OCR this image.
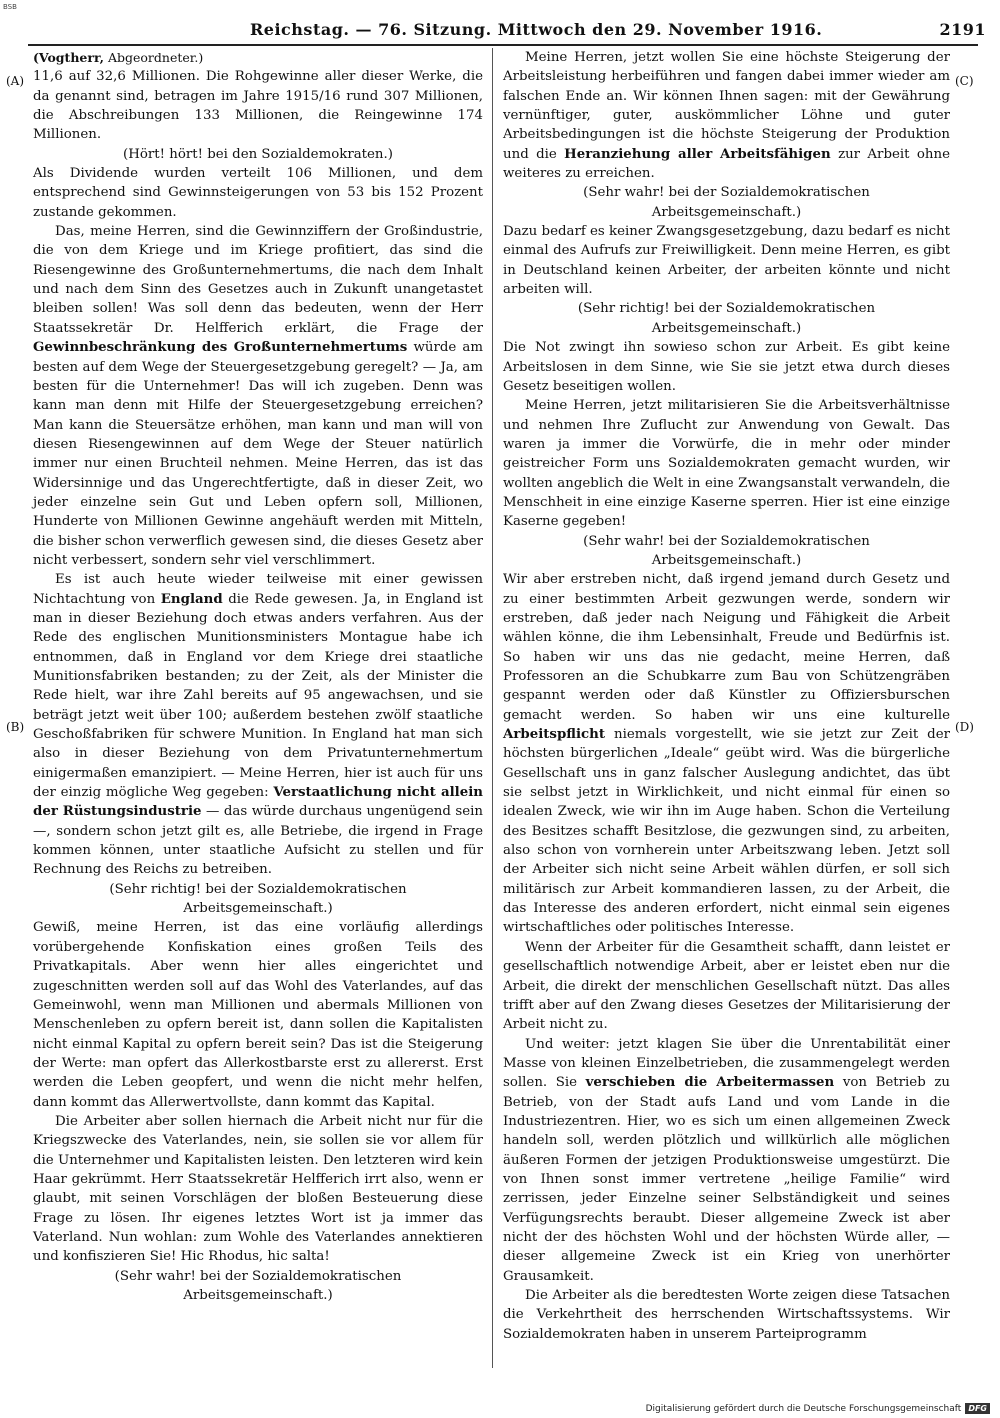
BSB
Reichstag. — 76. Sitzung. Mittwoch den 29. November 1916.	2191
(A)
(B)
(C)
(D)

(Vogtherr, Abgeordneter.)

11,6 auf 32,6 Millionen. Die Rohgewinne aller dieser Werke, die da genannt sind, betragen im Jahre 1915/16 rund 307 Millionen, die Abschreibungen 133 Millionen, die Reingewinne 174 Millionen.

(Hört! hört! bei den Sozialdemokraten.)

Als Dividende wurden verteilt 106 Millionen, und dem entsprechend sind Gewinnsteigerungen von 53 bis 152 Prozent zustande gekommen.

Das, meine Herren, sind die Gewinnziffern der Großindustrie, die von dem Kriege und im Kriege profitiert, das sind die Riesengewinne des Großunternehmertums, die nach dem Inhalt und nach dem Sinn des Gesetzes auch in Zukunft unangetastet bleiben sollen! Was soll denn das bedeuten, wenn der Herr Staatssekretär Dr. Helfferich erklärt, die Frage der Gewinnbeschränkung des Großunternehmertums würde am besten auf dem Wege der Steuergesetzgebung geregelt? — Ja, am besten für die Unternehmer! Das will ich zugeben. Denn was kann man denn mit Hilfe der Steuergesetzgebung erreichen? Man kann die Steuersätze erhöhen, man kann und man will von diesen Riesengewinnen auf dem Wege der Steuer natürlich immer nur einen Bruchteil nehmen. Meine Herren, das ist das Widersinnige und das Ungerechtfertigte, daß in dieser Zeit, wo jeder einzelne sein Gut und Leben opfern soll, Millionen, Hunderte von Millionen Gewinne angehäuft werden mit Mitteln, die bisher schon verwerflich gewesen sind, die dieses Gesetz aber nicht verbessert, sondern sehr viel verschlimmert.

Es ist auch heute wieder teilweise mit einer gewissen Nichtachtung von England die Rede gewesen. Ja, in England ist man in dieser Beziehung doch etwas anders verfahren. Aus der Rede des englischen Munitionsministers Montague habe ich entnommen, daß in England vor dem Kriege drei staatliche Munitionsfabriken bestanden; zu der Zeit, als der Minister die Rede hielt, war ihre Zahl bereits auf 95 angewachsen, und sie beträgt jetzt weit über 100; außerdem bestehen zwölf staatliche Geschoßfabriken für schwere Munition. In England hat man sich also in dieser Beziehung von dem Privatunternehmertum einigermaßen emanzipiert. — Meine Herren, hier ist auch für uns der einzig mögliche Weg gegeben: Verstaatlichung nicht allein der Rüstungsindustrie — das würde durchaus ungenügend sein —, sondern schon jetzt gilt es, alle Betriebe, die irgend in Frage kommen können, unter staatliche Aufsicht zu stellen und für Rechnung des Reichs zu betreiben.

(Sehr richtig! bei der Sozialdemokratischen Arbeitsgemeinschaft.)

Gewiß, meine Herren, ist das eine vorläufig allerdings vorübergehende Konfiskation eines großen Teils des Privatkapitals. Aber wenn hier alles eingerichtet und zugeschnitten werden soll auf das Wohl des Vaterlandes, auf das Gemeinwohl, wenn man Millionen und abermals Millionen von Menschenleben zu opfern bereit ist, dann sollen die Kapitalisten nicht einmal Kapital zu opfern bereit sein? Das ist die Steigerung der Werte: man opfert das Allerkostbarste erst zu allererst. Erst werden die Leben geopfert, und wenn die nicht mehr helfen, dann kommt das Allerwertvollste, dann kommt das Kapital.

Die Arbeiter aber sollen hiernach die Arbeit nicht nur für die Kriegszwecke des Vaterlandes, nein, sie sollen sie vor allem für die Unternehmer und Kapitalisten leisten. Den letzteren wird kein Haar gekrümmt. Herr Staatssekretär Helfferich irrt also, wenn er glaubt, mit seinen Vorschlägen der bloßen Besteuerung diese Frage zu lösen. Ihr eigenes letztes Wort ist ja immer das Vaterland. Nun wohlan: zum Wohle des Vaterlandes annektieren und konfiszieren Sie! Hic Rhodus, hic salta!

(Sehr wahr! bei der Sozialdemokratischen Arbeitsgemeinschaft.)

Meine Herren, jetzt wollen Sie eine höchste Steigerung der Arbeitsleistung herbeiführen und fangen dabei immer wieder am falschen Ende an. Wir können Ihnen sagen: mit der Gewährung vernünftiger, guter, auskömmlicher Löhne und guter Arbeitsbedingungen ist die höchste Steigerung der Produktion und die Heranziehung aller Arbeitsfähigen zur Arbeit ohne weiteres zu erreichen.

(Sehr wahr! bei der Sozialdemokratischen Arbeitsgemeinschaft.)

Dazu bedarf es keiner Zwangsgesetzgebung, dazu bedarf es nicht einmal des Aufrufs zur Freiwilligkeit. Denn meine Herren, es gibt in Deutschland keinen Arbeiter, der arbeiten könnte und nicht arbeiten will.

(Sehr richtig! bei der Sozialdemokratischen Arbeitsgemeinschaft.)

Die Not zwingt ihn sowieso schon zur Arbeit. Es gibt keine Arbeitslosen in dem Sinne, wie Sie sie jetzt etwa durch dieses Gesetz beseitigen wollen.

Meine Herren, jetzt militarisieren Sie die Arbeitsverhältnisse und nehmen Ihre Zuflucht zur Anwendung von Gewalt. Das waren ja immer die Vorwürfe, die in mehr oder minder geistreicher Form uns Sozialdemokraten gemacht wurden, wir wollten angeblich die Welt in eine Zwangsanstalt verwandeln, die Menschheit in eine einzige Kaserne sperren. Hier ist eine einzige Kaserne gegeben!

(Sehr wahr! bei der Sozialdemokratischen Arbeitsgemeinschaft.)

Wir aber erstreben nicht, daß irgend jemand durch Gesetz und zu einer bestimmten Arbeit gezwungen werde, sondern wir erstreben, daß jeder nach Neigung und Fähigkeit die Arbeit wählen könne, die ihm Lebensinhalt, Freude und Bedürfnis ist. So haben wir uns das nie gedacht, meine Herren, daß Professoren an die Schubkarre zum Bau von Schützengräben gespannt werden oder daß Künstler zu Offiziersburschen gemacht werden. So haben wir uns eine kulturelle Arbeitspflicht niemals vorgestellt, wie sie jetzt zur Zeit der höchsten bürgerlichen „Ideale“ geübt wird. Was die bürgerliche Gesellschaft uns in ganz falscher Auslegung andichtet, das übt sie selbst jetzt in Wirklichkeit, und nicht einmal für einen so idealen Zweck, wie wir ihn im Auge haben. Schon die Verteilung des Besitzes schafft Besitzlose, die gezwungen sind, zu arbeiten, also schon von vornherein unter Arbeitszwang leben. Jetzt soll der Arbeiter sich nicht seine Arbeit wählen dürfen, er soll sich militärisch zur Arbeit kommandieren lassen, zu der Arbeit, die das Interesse des anderen erfordert, nicht einmal sein eigenes wirtschaftliches oder politisches Interesse.

Wenn der Arbeiter für die Gesamtheit schafft, dann leistet er gesellschaftlich notwendige Arbeit, aber er leistet eben nur die Arbeit, die direkt der menschlichen Gesellschaft nützt. Das alles trifft aber auf den Zwang dieses Gesetzes der Militarisierung der Arbeit nicht zu.

Und weiter: jetzt klagen Sie über die Unrentabilität einer Masse von kleinen Einzelbetrieben, die zusammengelegt werden sollen. Sie verschieben die Arbeitermassen von Betrieb zu Betrieb, von der Stadt aufs Land und vom Lande in die Industriezentren. Hier, wo es sich um einen allgemeinen Zweck handeln soll, werden plötzlich und willkürlich alle möglichen äußeren Formen der jetzigen Produktionsweise umgestürzt. Die von Ihnen sonst immer vertretene „heilige Familie“ wird zerrissen, jeder Einzelne seiner Selbständigkeit und seines Verfügungsrechts beraubt. Dieser allgemeine Zweck ist aber nicht der des höchsten Wohl und der höchsten Würde aller, — dieser allgemeine Zweck ist ein Krieg von unerhörter Grausamkeit.

Die Arbeiter als die beredtesten Worte zeigen diese Tatsachen die Verkehrtheit des herrschenden Wirtschaftssystems. Wir Sozialdemokraten haben in unserem Parteiprogramm

Digitalisierung gefördert durch die Deutsche Forschungsgemeinschaft DFG
